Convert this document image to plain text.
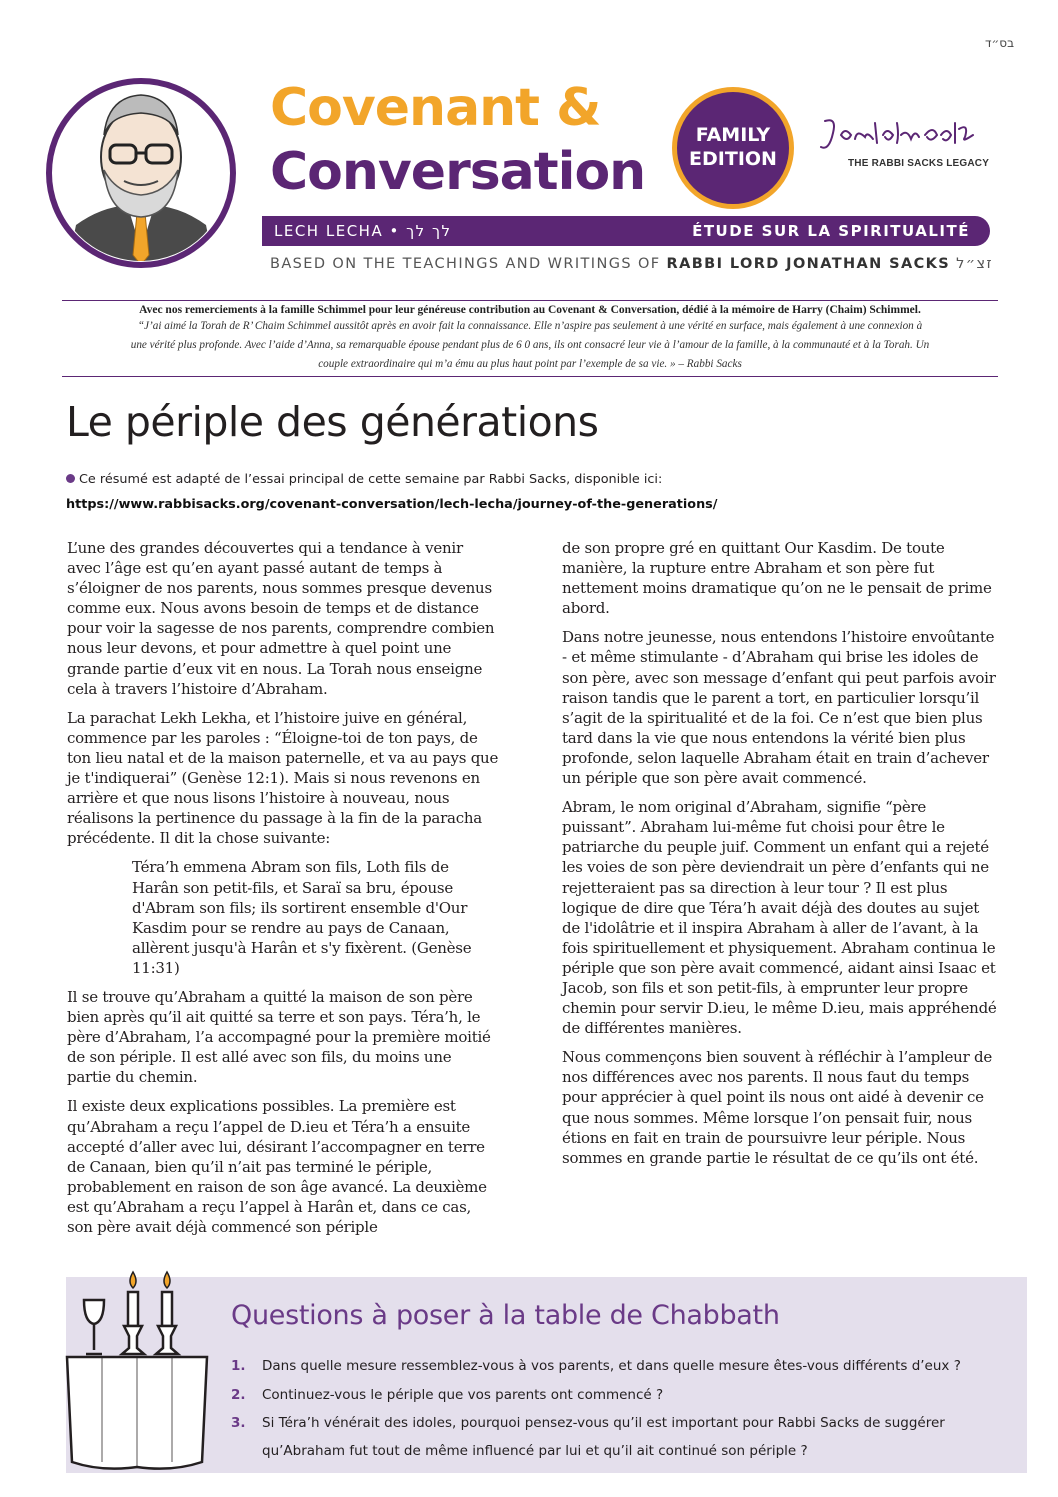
בס״ד
Covenant &
Conversation
FAMILY
EDITION	THE RABBI SACKS LEGACY
LECH LECHA • לך לך	ÉTUDE SUR LA SPIRITUALITÉ
BASED ON THE TEACHINGS AND WRITINGS OF RABBI LORD JONATHAN SACKS זצ״ל
Avec nos remerciements à la famille Schimmel pour leur généreuse contribution au Covenant & Conversation, dédié à la mémoire de Harry (Chaim) Schimmel.
“J’ai aimé la Torah de R’ Chaim Schimmel aussitôt après en avoir fait la connaissance. Elle n’aspire pas seulement à une vérité en surface, mais également à une connexion à
une vérité plus profonde. Avec l’aide d’Anna, sa remarquable épouse pendant plus de 6 0 ans, ils ont consacré leur vie à l’amour de la famille, à la communauté et à la Torah. Un
couple extraordinaire qui m’a ému au plus haut point par l’exemple de sa vie. » – Rabbi Sacks
Le périple des générations
Ce résumé est adapté de l’essai principal de cette semaine par Rabbi Sacks, disponible ici:
https://www.rabbisacks.org/covenant-conversation/lech-lecha/journey-of-the-generations/

L’une des grandes découvertes qui a tendance à venir avec l’âge est qu’en ayant passé autant de temps à s’éloigner de nos parents, nous sommes presque devenus comme eux. Nous avons besoin de temps et de distance pour voir la sagesse de nos parents, comprendre combien nous leur devons, et pour admettre à quel point une grande partie d’eux vit en nous. La Torah nous enseigne cela à travers l’histoire d’Abraham.

La parachat Lekh Lekha, et l’histoire juive en général, commence par les paroles : “Éloigne-toi de ton pays, de ton lieu natal et de la maison paternelle, et va au pays que je t'indiquerai” (Genèse 12:1). Mais si nous revenons en arrière et que nous lisons l’histoire à nouveau, nous réalisons la pertinence du passage à la fin de la paracha précédente. Il dit la chose suivante:

Téra’h emmena Abram son fils, Loth fils de Harân son petit-fils, et Saraï sa bru, épouse d'Abram son fils; ils sortirent ensemble d'Our Kasdim pour se rendre au pays de Canaan, allèrent jusqu'à Harân et s'y fixèrent. (Genèse 11:31)

Il se trouve qu’Abraham a quitté la maison de son père bien après qu’il ait quitté sa terre et son pays. Téra’h, le père d’Abraham, l’a accompagné pour la première moitié de son périple. Il est allé avec son fils, du moins une partie du chemin.

Il existe deux explications possibles. La première est qu’Abraham a reçu l’appel de D.ieu et Téra’h a ensuite accepté d’aller avec lui, désirant l’accompagner en terre de Canaan, bien qu’il n’ait pas terminé le périple, probablement en raison de son âge avancé. La deuxième est qu’Abraham a reçu l’appel à Harân et, dans ce cas, son père avait déjà commencé son périple

de son propre gré en quittant Our Kasdim. De toute manière, la rupture entre Abraham et son père fut nettement moins dramatique qu’on ne le pensait de prime abord.

Dans notre jeunesse, nous entendons l’histoire envoûtante - et même stimulante - d’Abraham qui brise les idoles de son père, avec son message d’enfant qui peut parfois avoir raison tandis que le parent a tort, en particulier lorsqu’il s’agit de la spiritualité et de la foi. Ce n’est que bien plus tard dans la vie que nous entendons la vérité bien plus profonde, selon laquelle Abraham était en train d’achever un périple que son père avait commencé.

Abram, le nom original d’Abraham, signifie “père puissant”. Abraham lui-même fut choisi pour être le patriarche du peuple juif. Comment un enfant qui a rejeté les voies de son père deviendrait un père d’enfants qui ne rejetteraient pas sa direction à leur tour ? Il est plus logique de dire que Téra’h avait déjà des doutes au sujet de l'idolâtrie et il inspira Abraham à aller de l’avant, à la fois spirituellement et physiquement. Abraham continua le périple que son père avait commencé, aidant ainsi Isaac et Jacob, son fils et son petit-fils, à emprunter leur propre chemin pour servir D.ieu, le même D.ieu, mais appréhendé de différentes manières.

Nous commençons bien souvent à réfléchir à l’ampleur de nos différences avec nos parents. Il nous faut du temps pour apprécier à quel point ils nous ont aidé à devenir ce que nous sommes. Même lorsque l’on pensait fuir, nous étions en fait en train de poursuivre leur périple. Nous sommes en grande partie le résultat de ce qu’ils ont été.

Questions à poser à la table de Chabbath
1. Dans quelle mesure ressemblez-vous à vos parents, et dans quelle mesure êtes-vous différents d’eux ?
2. Continuez-vous le périple que vos parents ont commencé ?
3. Si Téra’h vénérait des idoles, pourquoi pensez-vous qu’il est important pour Rabbi Sacks de suggérer qu’Abraham fut tout de même influencé par lui et qu’il ait continué son périple ?
